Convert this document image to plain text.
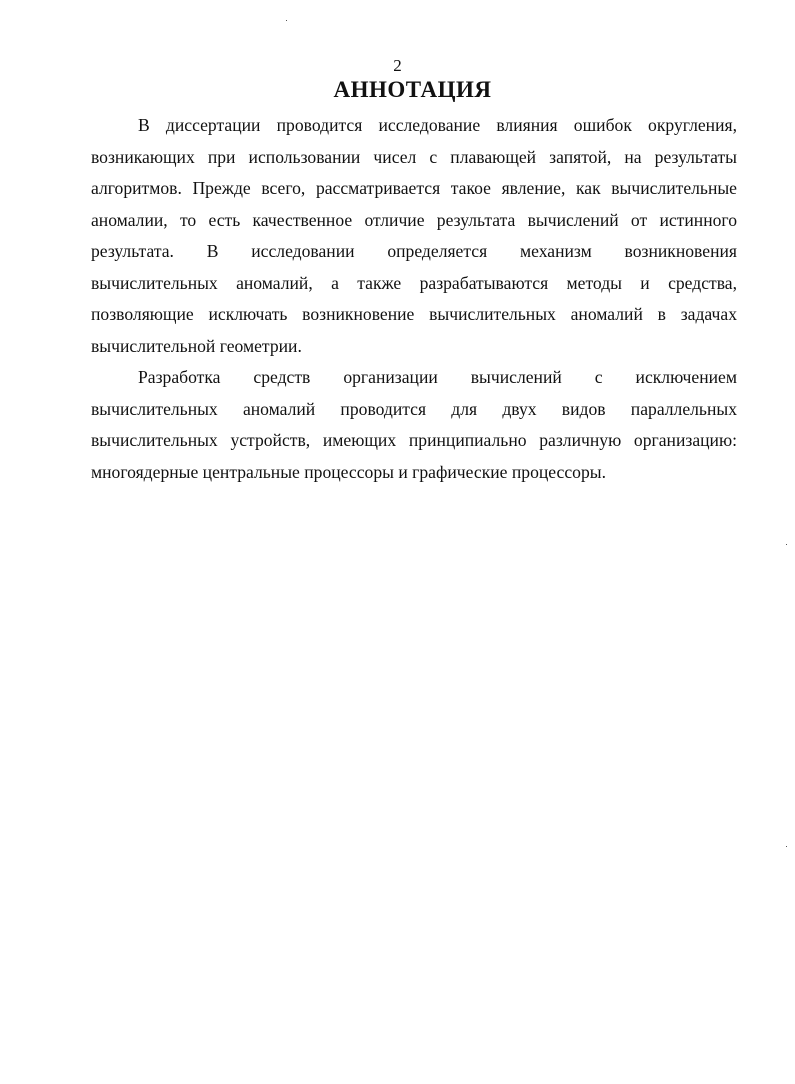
2
АННОТАЦИЯ
В диссертации проводится исследование влияния ошибок округления,
возникающих при использовании чисел с плавающей запятой, на результаты
алгоритмов. Прежде всего, рассматривается такое явление, как вычислительные
аномалии, то есть качественное отличие результата вычислений от истинного
результата. В исследовании определяется механизм возникновения
вычислительных аномалий, а также разрабатываются методы и средства,
позволяющие исключать возникновение вычислительных аномалий в задачах
вычислительной геометрии.
Разработка средств организации вычислений с исключением
вычислительных аномалий проводится для двух видов параллельных
вычислительных устройств, имеющих принципиально различную организацию:
многоядерные центральные процессоры и графические процессоры.
